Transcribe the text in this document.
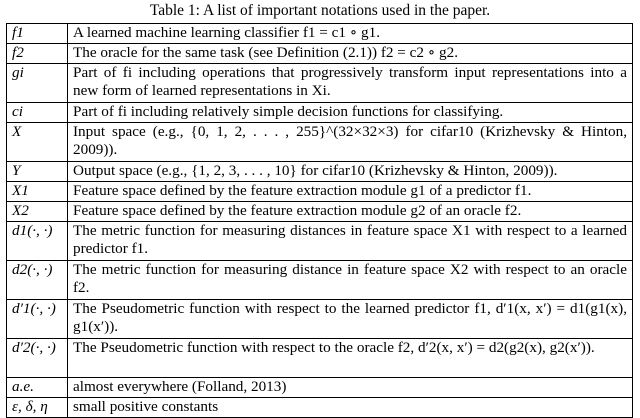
Table 1: A list of important notations used in the paper.
f1	A learned machine learning classifier f1 = c1 ∘ g1.
f2	The oracle for the same task (see Definition (2.1)) f2 = c2 ∘ g2.
gi	Part of fi including operations that progressively transform input representations into a new form of learned representations in Xi.
ci	Part of fi including relatively simple decision functions for classifying.
X	Input space (e.g., {0, 1, 2, . . . , 255}^(32×32×3) for cifar10 (Krizhevsky & Hinton, 2009)).
Y	Output space (e.g., {1, 2, 3, . . . , 10} for cifar10 (Krizhevsky & Hinton, 2009)).
X1	Feature space defined by the feature extraction module g1 of a predictor f1.
X2	Feature space defined by the feature extraction module g2 of an oracle f2.
d1(·, ·)	The metric function for measuring distances in feature space X1 with respect to a learned predictor f1.
d2(·, ·)	The metric function for measuring distance in feature space X2 with respect to an oracle f2.
d′1(·, ·)	The Pseudometric function with respect to the learned predictor f1, d′1(x, x′) = d1(g1(x), g1(x′)).
d′2(·, ·)	The Pseudometric function with respect to the oracle f2, d′2(x, x′) = d2(g2(x), g2(x′)).
a.e.	almost everywhere (Folland, 2013)
ε, δ, η	small positive constants
